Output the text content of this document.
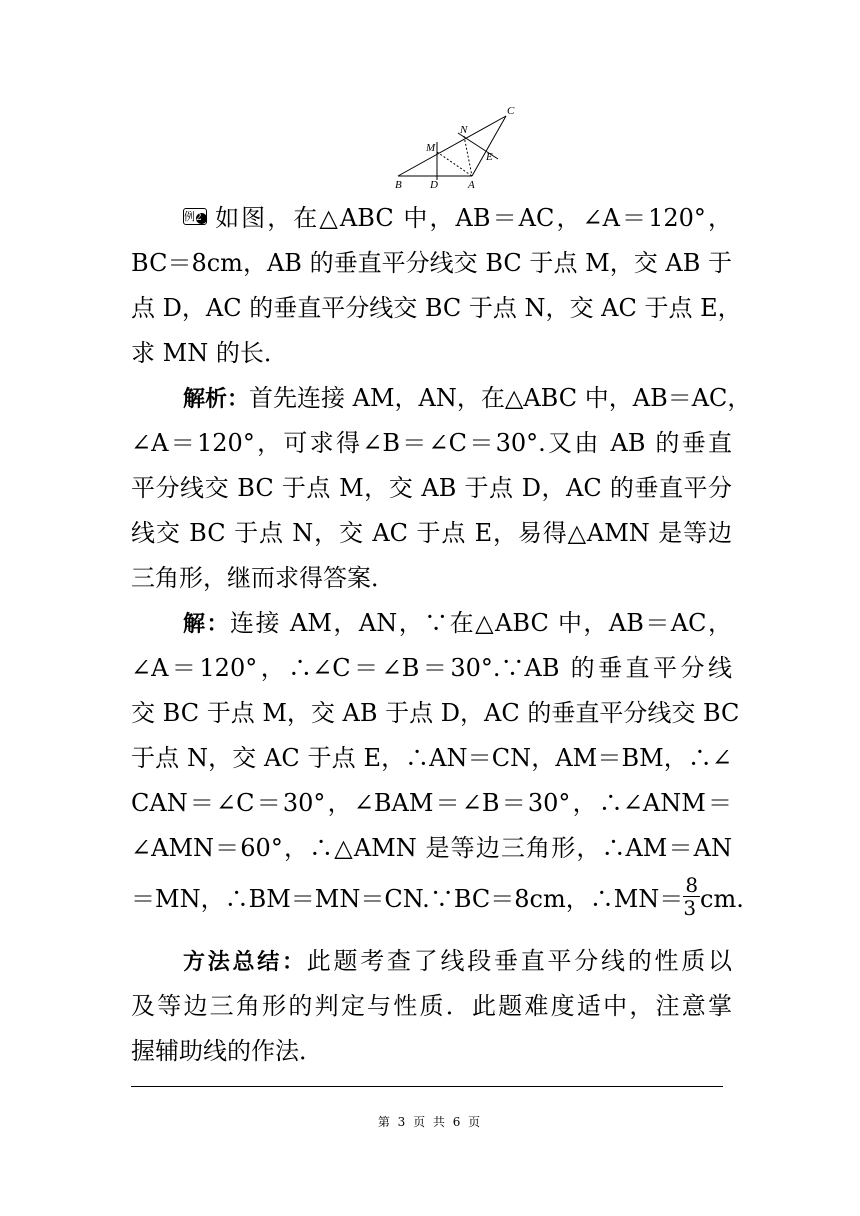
B	D	A
M
N
E
C
例2 如图，在△ABC 中，AB＝AC，∠A＝120°，
BC＝8cm，AB 的垂直平分线交 BC 于点 M，交 AB 于
点 D，AC 的垂直平分线交 BC 于点 N，交 AC 于点 E，
求 MN 的长．
解析：首先连接 AM，AN，在△ABC 中，AB＝AC，
∠A＝120°，可求得∠B＝∠C＝30°.又由 AB 的垂直
平分线交 BC 于点 M，交 AB 于点 D，AC 的垂直平分
线交 BC 于点 N，交 AC 于点 E，易得△AMN 是等边
三角形，继而求得答案．
解：连接 AM，AN，∵在△ABC 中，AB＝AC，
∠A＝120°，∴∠C＝∠B＝30°.∵AB 的垂直平分线
交 BC 于点 M，交 AB 于点 D，AC 的垂直平分线交 BC
于点 N，交 AC 于点 E，∴AN＝CN，AM＝BM，∴∠
CAN＝∠C＝30°，∠BAM＝∠B＝30°，∴∠ANM＝
∠AMN＝60°，∴△AMN 是等边三角形，∴AM＝AN
＝MN，∴BM＝MN＝CN.∵BC＝8cm，∴MN＝ $\frac{8}{3}$ cm.
方法总结：此题考查了线段垂直平分线的性质以
及等边三角形的判定与性质．此题难度适中，注意掌
握辅助线的作法．
第 3 页 共 6 页
